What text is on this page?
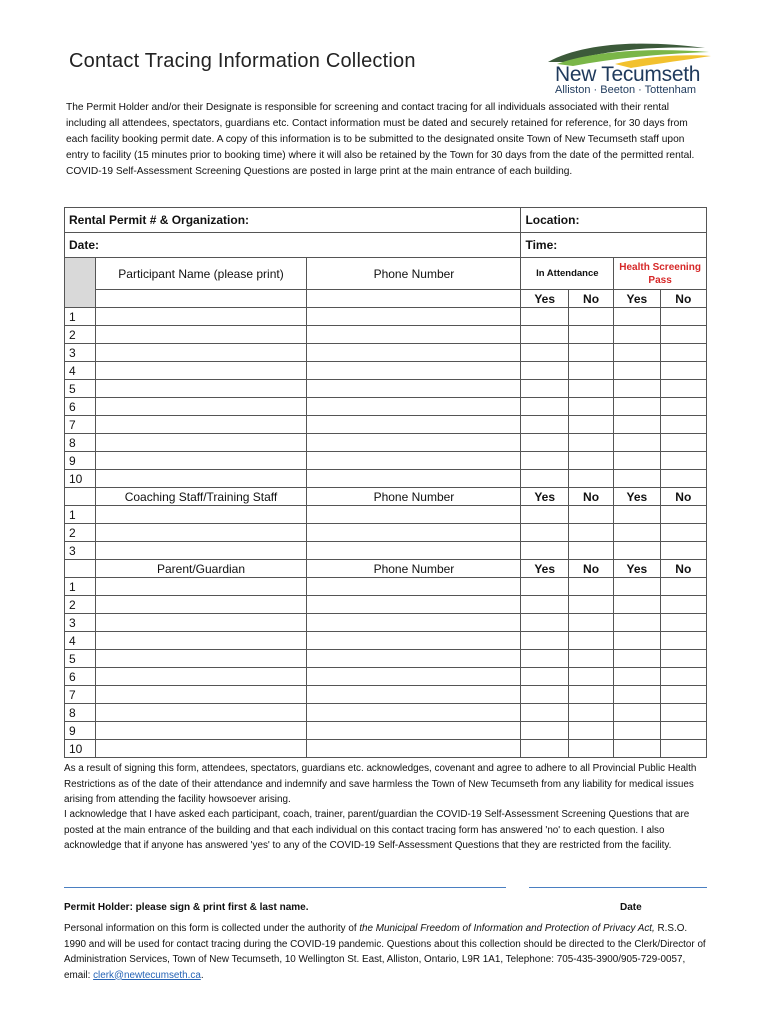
Contact Tracing Information Collection
New Tecumseth
Alliston · Beeton · Tottenham
The Permit Holder and/or their Designate is responsible for screening and contact tracing for all individuals associated with their rental including all attendees, spectators, guardians etc. Contact information must be dated and securely retained for reference, for 30 days from each facility booking permit date. A copy of this information is to be submitted to the designated onsite Town of New Tecumseth staff upon entry to facility (15 minutes prior to booking time) where it will also be retained by the Town for 30 days from the date of the permitted rental. COVID-19 Self-Assessment Screening Questions are posted in large print at the main entrance of each building.
Rental Permit # & Organization:			Location:			
Date:			Time:			
	Participant Name (please print)	Phone Number	In Attendance		Health Screening Pass	
			Yes	No	Yes	No
1						
2						
3						
4						
5						
6						
7						
8						
9						
10						
	Coaching Staff/Training Staff	Phone Number	Yes	No	Yes	No
1						
2						
3						
	Parent/Guardian	Phone Number	Yes	No	Yes	No
1						
2						
3						
4						
5						
6						
7						
8						
9						
10						
As a result of signing this form, attendees, spectators, guardians etc. acknowledges, covenant and agree to adhere to all Provincial Public Health Restrictions as of the date of their attendance and indemnify and save harmless the Town of New Tecumseth from any liability for medical issues arising from attending the facility howsoever arising.
I acknowledge that I have asked each participant, coach, trainer, parent/guardian the COVID-19 Self-Assessment Screening Questions that are posted at the main entrance of the building and that each individual on this contact tracing form has answered 'no' to each question. I also acknowledge that if anyone has answered 'yes' to any of the COVID-19 Self-Assessment Questions that they are restricted from the facility.
Permit Holder: please sign & print first & last name.	Date
Personal information on this form is collected under the authority of the Municipal Freedom of Information and Protection of Privacy Act, R.S.O. 1990 and will be used for contact tracing during the COVID-19 pandemic. Questions about this collection should be directed to the Clerk/Director of Administration Services, Town of New Tecumseth, 10 Wellington St. East, Alliston, Ontario, L9R 1A1, Telephone: 705-435-3900/905-729-0057, email: clerk@newtecumseth.ca.
